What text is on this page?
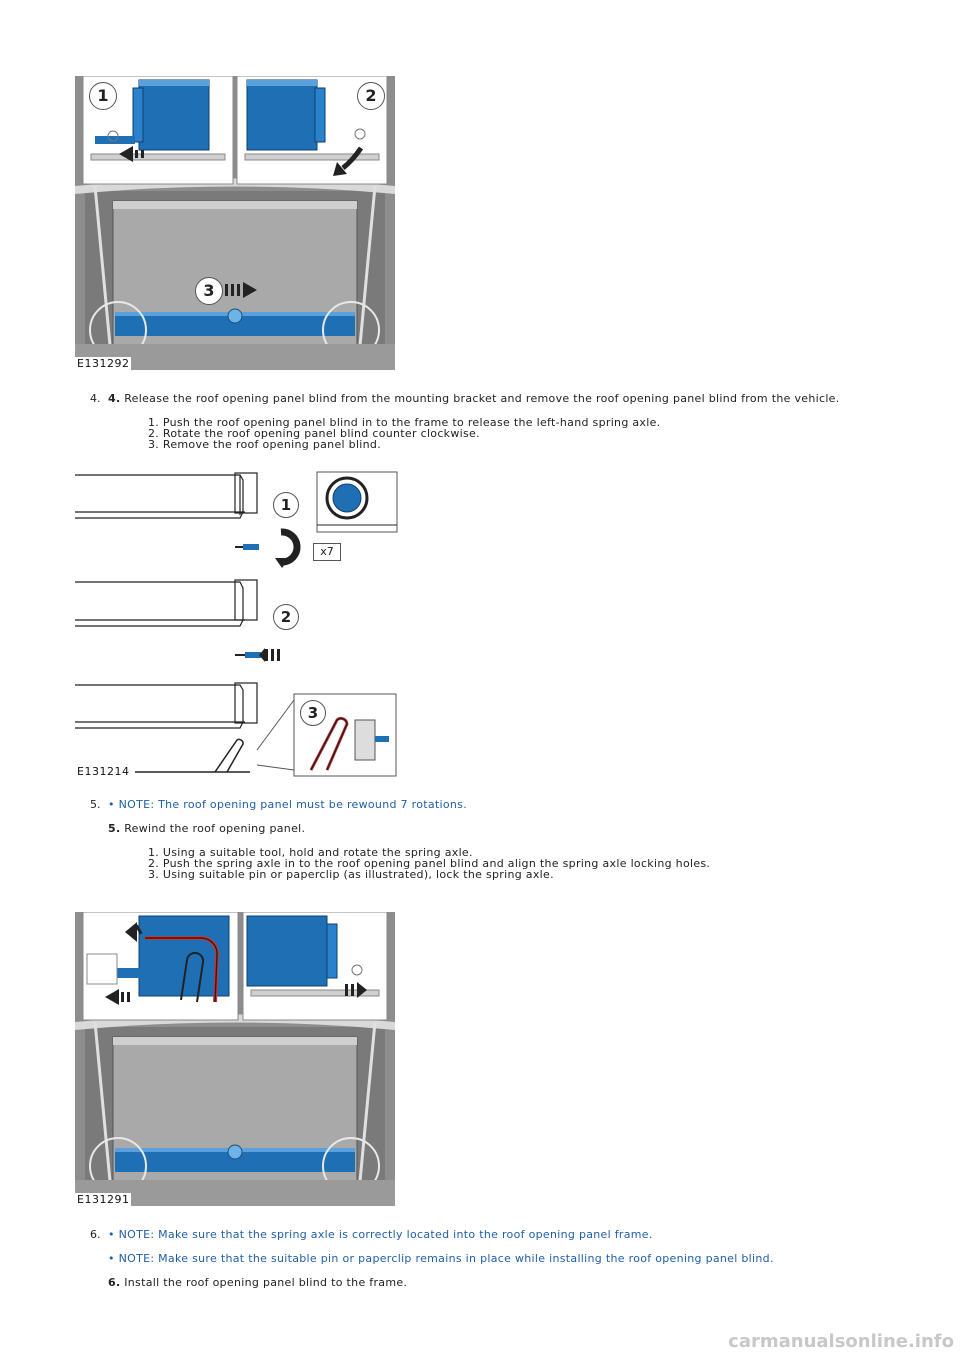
1	2
3
E131292
4. 4. Release the roof opening panel blind from the mounting bracket and remove the roof opening panel blind from the vehicle.
1. Push the roof opening panel blind in to the frame to release the left-hand spring axle.
2. Rotate the roof opening panel blind counter clockwise.
3. Remove the roof opening panel blind.
1
x7
2
3
E131214
5. • NOTE: The roof opening panel must be rewound 7 rotations.
5. Rewind the roof opening panel.
1. Using a suitable tool, hold and rotate the spring axle.
2. Push the spring axle in to the roof opening panel blind and align the spring axle locking holes.
3. Using suitable pin or paperclip (as illustrated), lock the spring axle.
E131291
6. • NOTE: Make sure that the spring axle is correctly located into the roof opening panel frame.
• NOTE: Make sure that the suitable pin or paperclip remains in place while installing the roof opening panel blind.
6. Install the roof opening panel blind to the frame.
carmanualsonline.info
